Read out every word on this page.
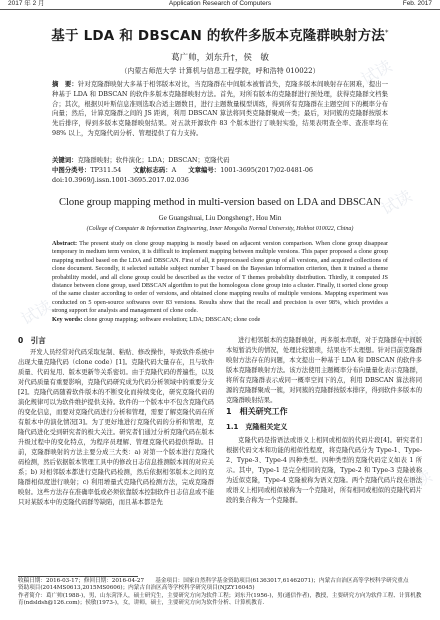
试读
试读
试读
试读
试读
Application Research of Computers
2017 年 2 月	Feb. 2017
基于 LDA 和 DBSCAN 的软件多版本克隆群映射方法*
葛广帅，刘东升†，侯　敏
（内蒙古师范大学 计算机与信息工程学院，呼和浩特 010022）
摘　要：针对克隆群映射大多基于相邻版本对比，当克隆群在中间版本被暂消失，克隆多版本间映射存在困难，提出一种基于 LDA 和 DBSCAN 的软件多版本克隆群映射方法。首先，对所有版本的克隆群进行预处理，获得克隆群文档集合；其次，根据贝叶斯信息准则选取合适主题数目，进行主题数量模型训练，得到所有克隆群在主题空间下的概率分布向量；然后，计算克隆群之间的 JS 距离，利用 DBSCAN 算法将同类克隆群聚成一类；最后，对同簇的克隆群按版本先后排序，得到多版本克隆群映射结果。对五款开源软件 83 个版本进行了映射实验，结果表明查全率、查准率均在 98% 以上，为克隆代码分析、管理提供了有力支持。
关键词：克隆群映射；软件演化；LDA；DBSCAN；克隆代码
中图分类号：TP311.54 文献标志码：A 文章编号：1001-3695(2017)02-0481-06
doi:10.3969/j.issn.1001-3695.2017.02.036
Clone group mapping method in multi-version based on LDA and DBSCAN
Ge Guangshuai, Liu Dongsheng†, Hou Min
(College of Computer & Information Engineering, Inner Mongolia Normal University, Hohhot 010022, China)
Abstract: The present study on clone group mapping is mostly based on adjacent version comparison. When clone group disappear temporary in medium term version, it is difficult to implement mapping between multiple versions. This paper proposed a clone group mapping method based on the LDA and DBSCAN. First of all, it preprocessed clone group of all versions, and acquired collections of clone document. Secondly, it selected suitable subject number T based on the Bayesian information criterion, then it trained a theme probability model, and all clone group could be described as the vector of T themes probability distribution. Thirdly, it computed JS distance between clone group, used DBSCAN algorithm to put the homologous clone group into a cluster. Finally, it sorted clone group of the same cluster according to order of versions, and obtained clone mapping results of multiple versions. Mapping experiment was conducted on 5 open-source softwares over 83 versions. Results show that the recall and precision is over 98%, which provides a strong support for analysis and management of clone code.
Key words: clone group mapping; software evolution; LDA; DBSCAN; clone code

0　引言

开发人员经常对代码采取复制、粘贴、修改操作，导致软件系统中出现大量克隆代码（clone code）[1]。克隆代码大量存在，且与软件质量、代码复用、版本更新等关系密切。由于克隆代码的普遍性，以及对代码质量有重要影响，克隆代码研究成为代码分析领域中的重要分支[2]。克隆代码随着软件版本的不断变化而持续变化，研究克隆代码的演化规律可以为软件维护提供支持。软件的一个版本中不包含克隆代码的变化信息，而要对克隆代码进行分析和管理，需要了解克隆代码在所有版本中的演化情况[3]。为了更好地进行克隆代码的分析和管理，克隆代码进化受到研究者的极大关注。研究者们通过分析克隆代码在版本升级过程中的变化特点，为程序员理解、管理克隆代码提供帮助。目前，克隆群映射的方法主要分成三大类：a) 对第一个版本进行克隆代码检测，然后依据版本管理工具中的修改日志信息推测版本间的对应关系；b) 对相邻版本都进行克隆代码检测，然后依据相邻版本之间的克隆群相似度进行映射；c) 利用增量式克隆代码检测方法，完成克隆群映射。这些方法存在准确率低或必须依靠版本控制软件日志信息或不能只对某版本中的克隆代码群等缺陷，而且基本都是先

进行相邻版本的克隆群映射，再多版本串联，对于克隆群在中间版本短暂消失的情况，处理比较繁琐，结果也不太理想。针对目前克隆群映射方法存在的问题，本文提出一种基于 LDA 和 DBSCAN 的软件多版本克隆群映射方法。该方法使用主题概率分布向量量化表示克隆群，将所有克隆群表示成同一概率空间下的点，利用 DBSCAN 算法将同源的克隆群聚成一簇，对同簇的克隆群按版本排序，得到软件多版本的克隆群映射结果。

1　相关研究工作
1.1　克隆相关定义

克隆代码是指语法或语义上相同或相似的代码片段[4]。研究者们根据代码文本和功能的相似性程度，将克隆代码分为 Type-1、Type-2、Type-3、Type-4 四种类型。四种类型的克隆代码定义如表 1 所示。其中，Type-1 是完全相同的克隆，Type-2 和 Type-3 克隆被称为近似克隆，Type-4 克隆被称为语义克隆。两个克隆代码片段在语法或语义上相同或相似被称为一个克隆对，所有相同或相似的克隆代码片段的集合称为一个克隆群。

收稿日期：2016-03-17；修回日期：2016-04-27　　基金项目：国家自然科学基金资助项目(61363017,61462071)；内蒙古自治区高等学校科学研究重点
资助项目(2014MS0613,2015MS0606)；内蒙古自治区高等学校科学研究项目(NJZY16045)
作者简介：葛广帅(1988-)，男，山东菏泽人，硕士研究生，主要研究方向为软件工程；刘东升(1956-)，男(通信作者)，教授，主要研究方向为软件工程、计算机教育(ndsldsh@126.com)；侯敏(1973-)，女，讲师，硕士，主要研究方向为软件分析、计算机教育.
